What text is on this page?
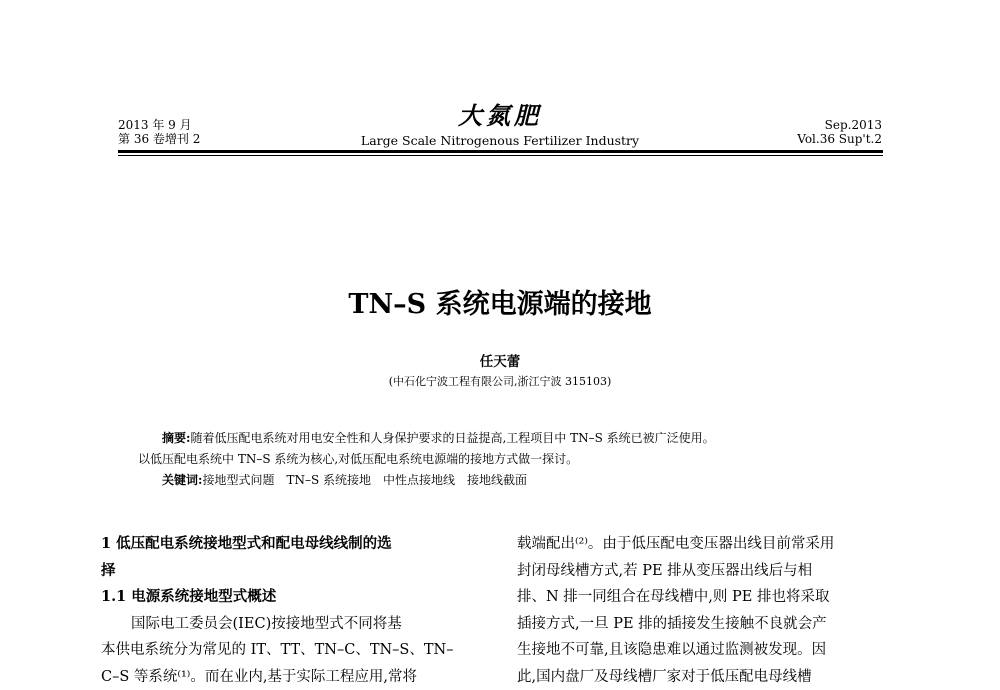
2013 年 9 月
第 36 卷增刊 2
大氮肥
Large Scale Nitrogenous Fertilizer Industry
Sep.2013
Vol.36 Sup't.2
TN–S 系统电源端的接地
任天蕾
(中石化宁波工程有限公司,浙江宁波 315103)

摘要:随着低压配电系统对用电安全性和人身保护要求的日益提高,工程项目中 TN–S 系统已被广泛使用。

以低压配电系统中 TN–S 系统为核心,对低压配电系统电源端的接地方式做一探讨。

关键词:接地型式问题 TN–S 系统接地 中性点接地线 接地线截面

1 低压配电系统接地型式和配电母线线制的选

择

1.1 电源系统接地型式概述

国际电工委员会(IEC)按接地型式不同将基

本供电系统分为常见的 IT、TT、TN–C、TN–S、TN–

C–S 等系统⁽¹⁾。而在业内,基于实际工程应用,常将

载端配出⁽²⁾。由于低压配电变压器出线目前常采用

封闭母线槽方式,若 PE 排从变压器出线后与相

排、N 排一同组合在母线槽中,则 PE 排也将采取

插接方式,一旦 PE 排的插接发生接触不良就会产

生接地不可靠,且该隐患难以通过监测被发现。因

此,国内盘厂及母线槽厂家对于低压配电母线槽
